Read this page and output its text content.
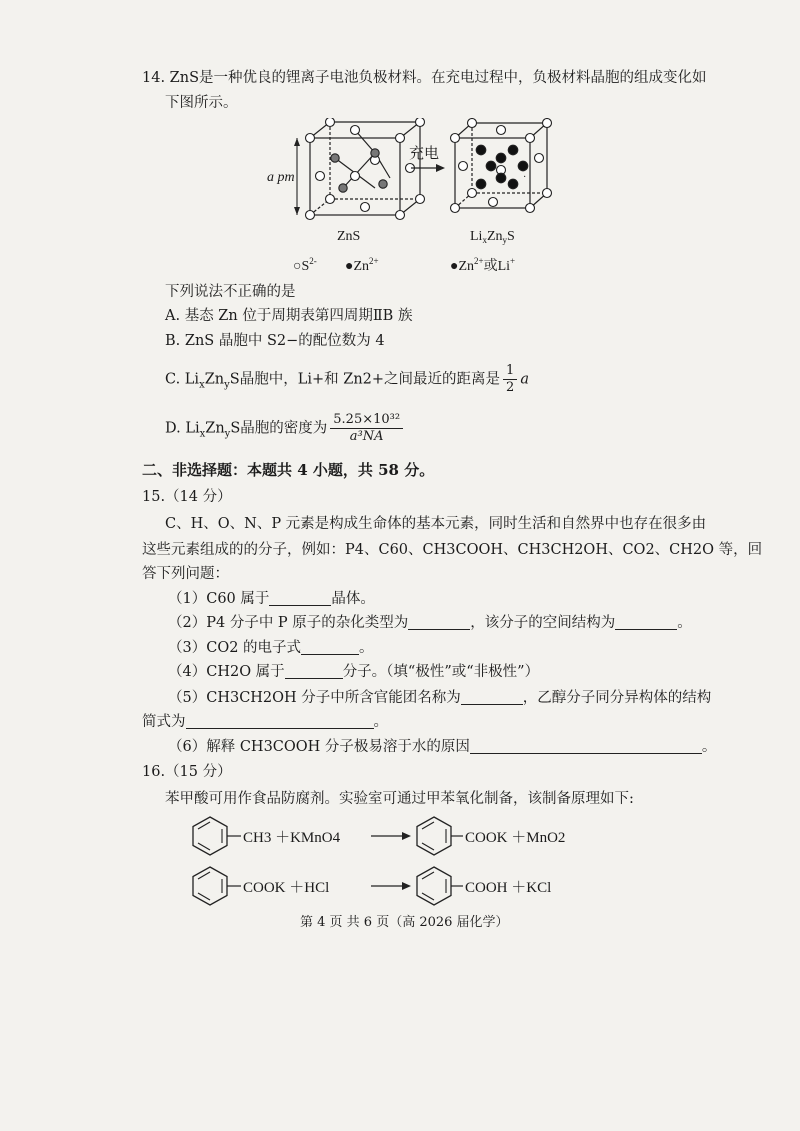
14. ZnS是一种优良的锂离子电池负极材料。在充电过程中，负极材料晶胞的组成变化如
下图所示。
a pm
充电
·
ZnS	$Li_xZn_yS$
$○S^{2-}$ $●Zn^{2+}$	$●Zn^{2+}$或Li+
下列说法不正确的是
A. 基态 Zn 位于周期表第四周期ⅡB 族
B. ZnS 晶胞中 S2−的配位数为 4
C. $Li_xZn_yS$晶胞中，Li+和 Zn2+之间最近的距离是 $\frac{1}{2}$ a
D. $Li_xZn_yS$晶胞的密度为 $\frac{\text{5.25×10³²}}{\text{a³NA}}$
二、非选择题：本题共 4 小题，共 58 分。
15.（14 分）
C、H、O、N、P 元素是构成生命体的基本元素，同时生活和自然界中也存在很多由
这些元素组成的的分子，例如：P4、C60、CH3COOH、CH3CH2OH、CO2、CH2O 等，回
答下列问题：
（1）C60 属于	晶体。
（2）P4 分子中 P 原子的杂化类型为	，该分子的空间结构为	。
（3）CO2 的电子式	。
（4）CH2O 属于	分子。（填“极性”或“非极性”）
（5）CH3CH2OH 分子中所含官能团名称为	，乙醇分子同分异构体的结构
简式为	。
（6）解释 CH3COOH 分子极易溶于水的原因	。
16.（15 分）
苯甲酸可用作食品防腐剂。实验室可通过甲苯氧化制备，该制备原理如下:
CH3 ＋KMnO4	COOK ＋MnO2
COOK ＋HCl	COOH ＋KCl
第 4 页 共 6 页（高 2026 届化学）
